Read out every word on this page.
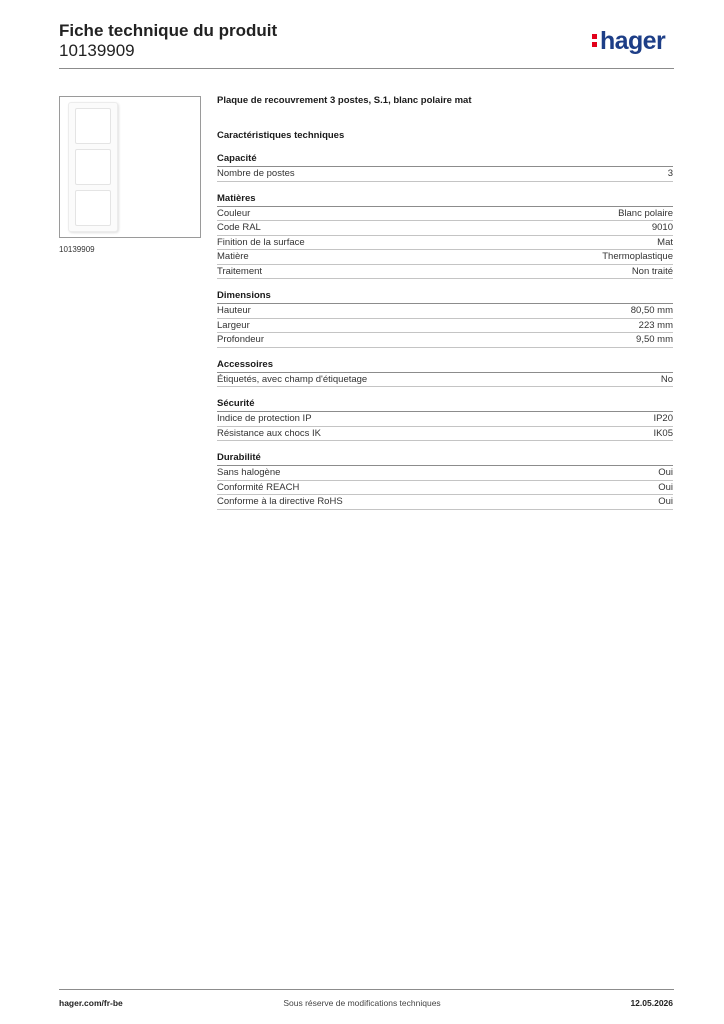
Fiche technique du produit
10139909	hager
10139909

Plaque de recouvrement 3 postes, S.1, blanc polaire mat

Caractéristiques techniques

Capacité
Nombre de postes	3
Matières
Couleur	Blanc polaire
Code RAL	9010
Finition de la surface	Mat
Matière	Thermoplastique
Traitement	Non traité
Dimensions
Hauteur	80,50 mm
Largeur	223 mm
Profondeur	9,50 mm
Accessoires
Étiquetés, avec champ d'étiquetage	No
Sécurité
Indice de protection IP	IP20
Résistance aux chocs IK	IK05
Durabilité
Sans halogène	Oui
Conformité REACH	Oui
Conforme à la directive RoHS	Oui
hager.com/fr-be	Sous réserve de modifications techniques	12.05.2026
